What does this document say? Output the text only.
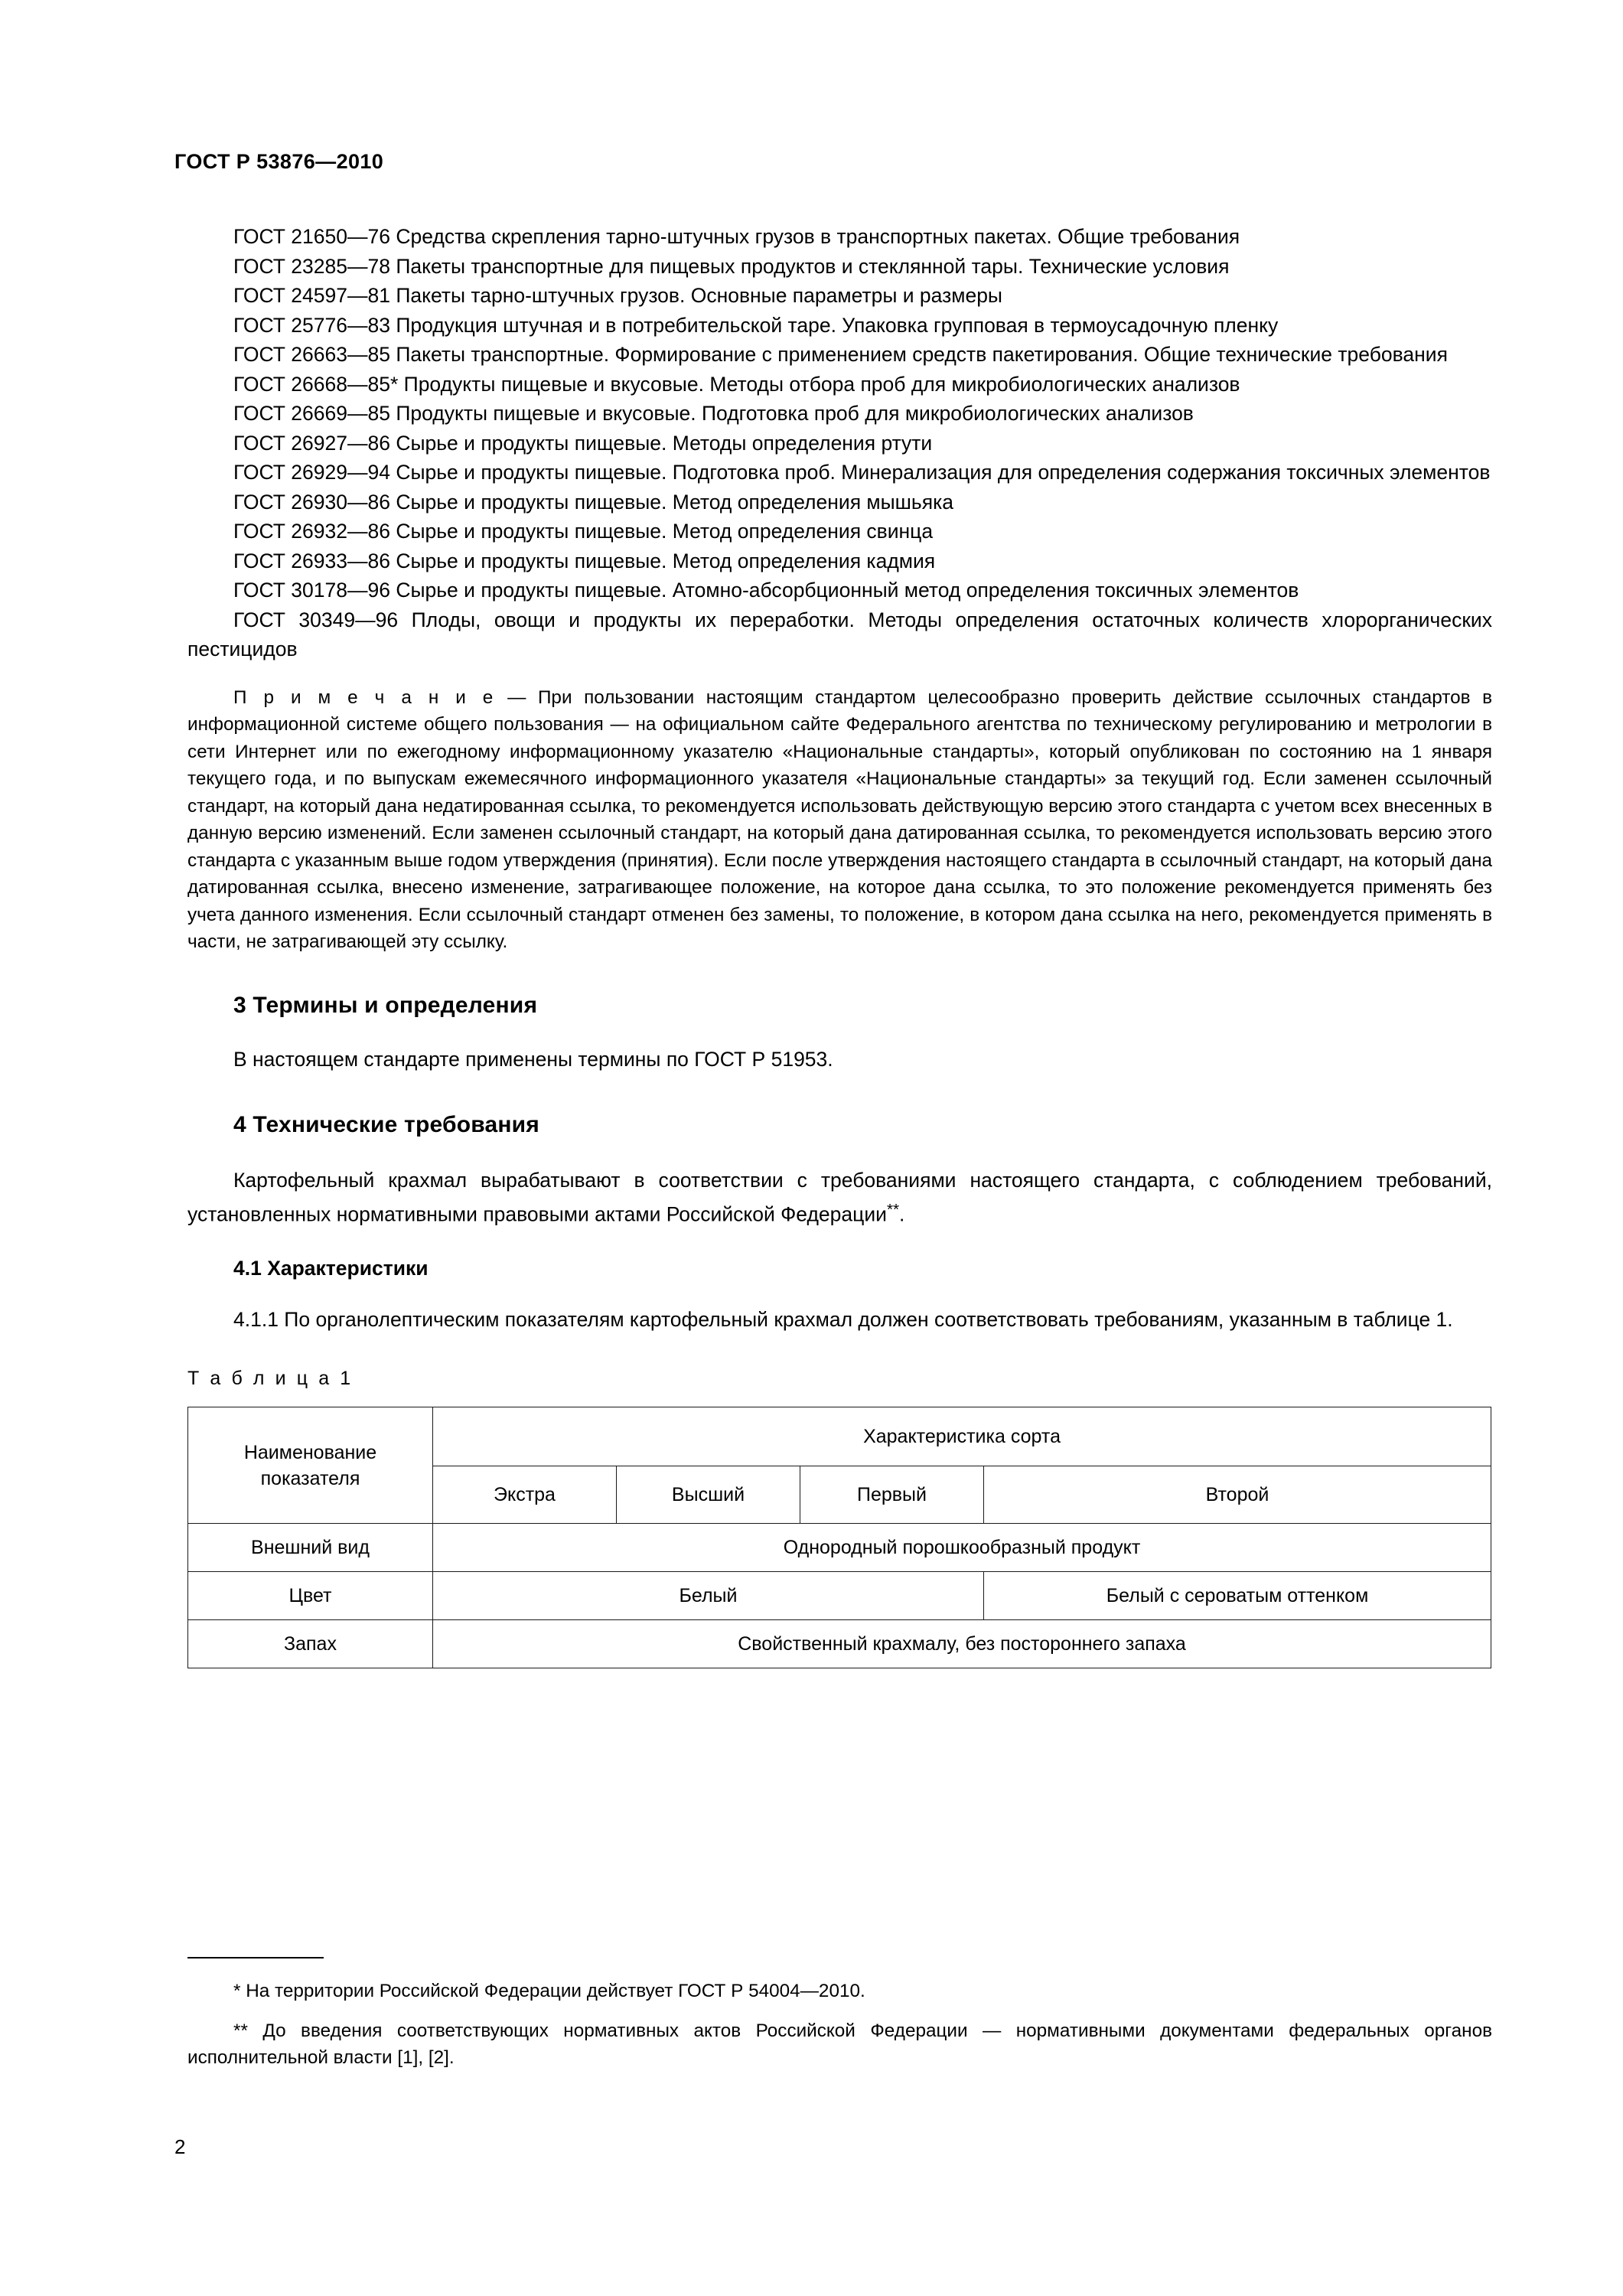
ГОСТ Р 53876—2010

ГОСТ 21650—76 Средства скрепления тарно-штучных грузов в транспортных пакетах. Общие требования

ГОСТ 23285—78 Пакеты транспортные для пищевых продуктов и стеклянной тары. Технические условия

ГОСТ 24597—81 Пакеты тарно-штучных грузов. Основные параметры и размеры

ГОСТ 25776—83 Продукция штучная и в потребительской таре. Упаковка групповая в термоусадочную пленку

ГОСТ 26663—85 Пакеты транспортные. Формирование с применением средств пакетирования. Общие технические требования

ГОСТ 26668—85* Продукты пищевые и вкусовые. Методы отбора проб для микробиологических анализов

ГОСТ 26669—85 Продукты пищевые и вкусовые. Подготовка проб для микробиологических анализов

ГОСТ 26927—86 Сырье и продукты пищевые. Методы определения ртути

ГОСТ 26929—94 Сырье и продукты пищевые. Подготовка проб. Минерализация для определения содержания токсичных элементов

ГОСТ 26930—86 Сырье и продукты пищевые. Метод определения мышьяка

ГОСТ 26932—86 Сырье и продукты пищевые. Метод определения свинца

ГОСТ 26933—86 Сырье и продукты пищевые. Метод определения кадмия

ГОСТ 30178—96 Сырье и продукты пищевые. Атомно-абсорбционный метод определения токсичных элементов

ГОСТ 30349—96 Плоды, овощи и продукты их переработки. Методы определения остаточных количеств хлорорганических пестицидов

П р и м е ч а н и е — При пользовании настоящим стандартом целесообразно проверить действие ссылочных стандартов в информационной системе общего пользования — на официальном сайте Федерального агентства по техническому регулированию и метрологии в сети Интернет или по ежегодному информационному указателю «Национальные стандарты», который опубликован по состоянию на 1 января текущего года, и по выпускам ежемесячного информационного указателя «Национальные стандарты» за текущий год. Если заменен ссылочный стандарт, на который дана недатированная ссылка, то рекомендуется использовать действующую версию этого стандарта с учетом всех внесенных в данную версию изменений. Если заменен ссылочный стандарт, на который дана датированная ссылка, то рекомендуется использовать версию этого стандарта с указанным выше годом утверждения (принятия). Если после утверждения настоящего стандарта в ссылочный стандарт, на который дана датированная ссылка, внесено изменение, затрагивающее положение, на которое дана ссылка, то это положение рекомендуется применять без учета данного изменения. Если ссылочный стандарт отменен без замены, то положение, в котором дана ссылка на него, рекомендуется применять в части, не затрагивающей эту ссылку.
3 Термины и определения

В настоящем стандарте применены термины по ГОСТ Р 51953.

4 Технические требования

Картофельный крахмал вырабатывают в соответствии с требованиями настоящего стандарта, с соблюдением требований, установленных нормативными правовыми актами Российской Федерации**.

4.1 Характеристики

4.1.1 По органолептическим показателям картофельный крахмал должен соответствовать требованиям, указанным в таблице 1.

Т а б л и ц а 1
Наименование показателя	Характеристика сорта			
	Экстра	Высший	Первый	Второй
Внешний вид	Однородный порошкообразный продукт			
Цвет	Белый			Белый с сероватым оттенком
Запах	Свойственный крахмалу, без постороннего запаха			

* На территории Российской Федерации действует ГОСТ Р 54004—2010.

** До введения соответствующих нормативных актов Российской Федерации — нормативными документами федеральных органов исполнительной власти [1], [2].

2
